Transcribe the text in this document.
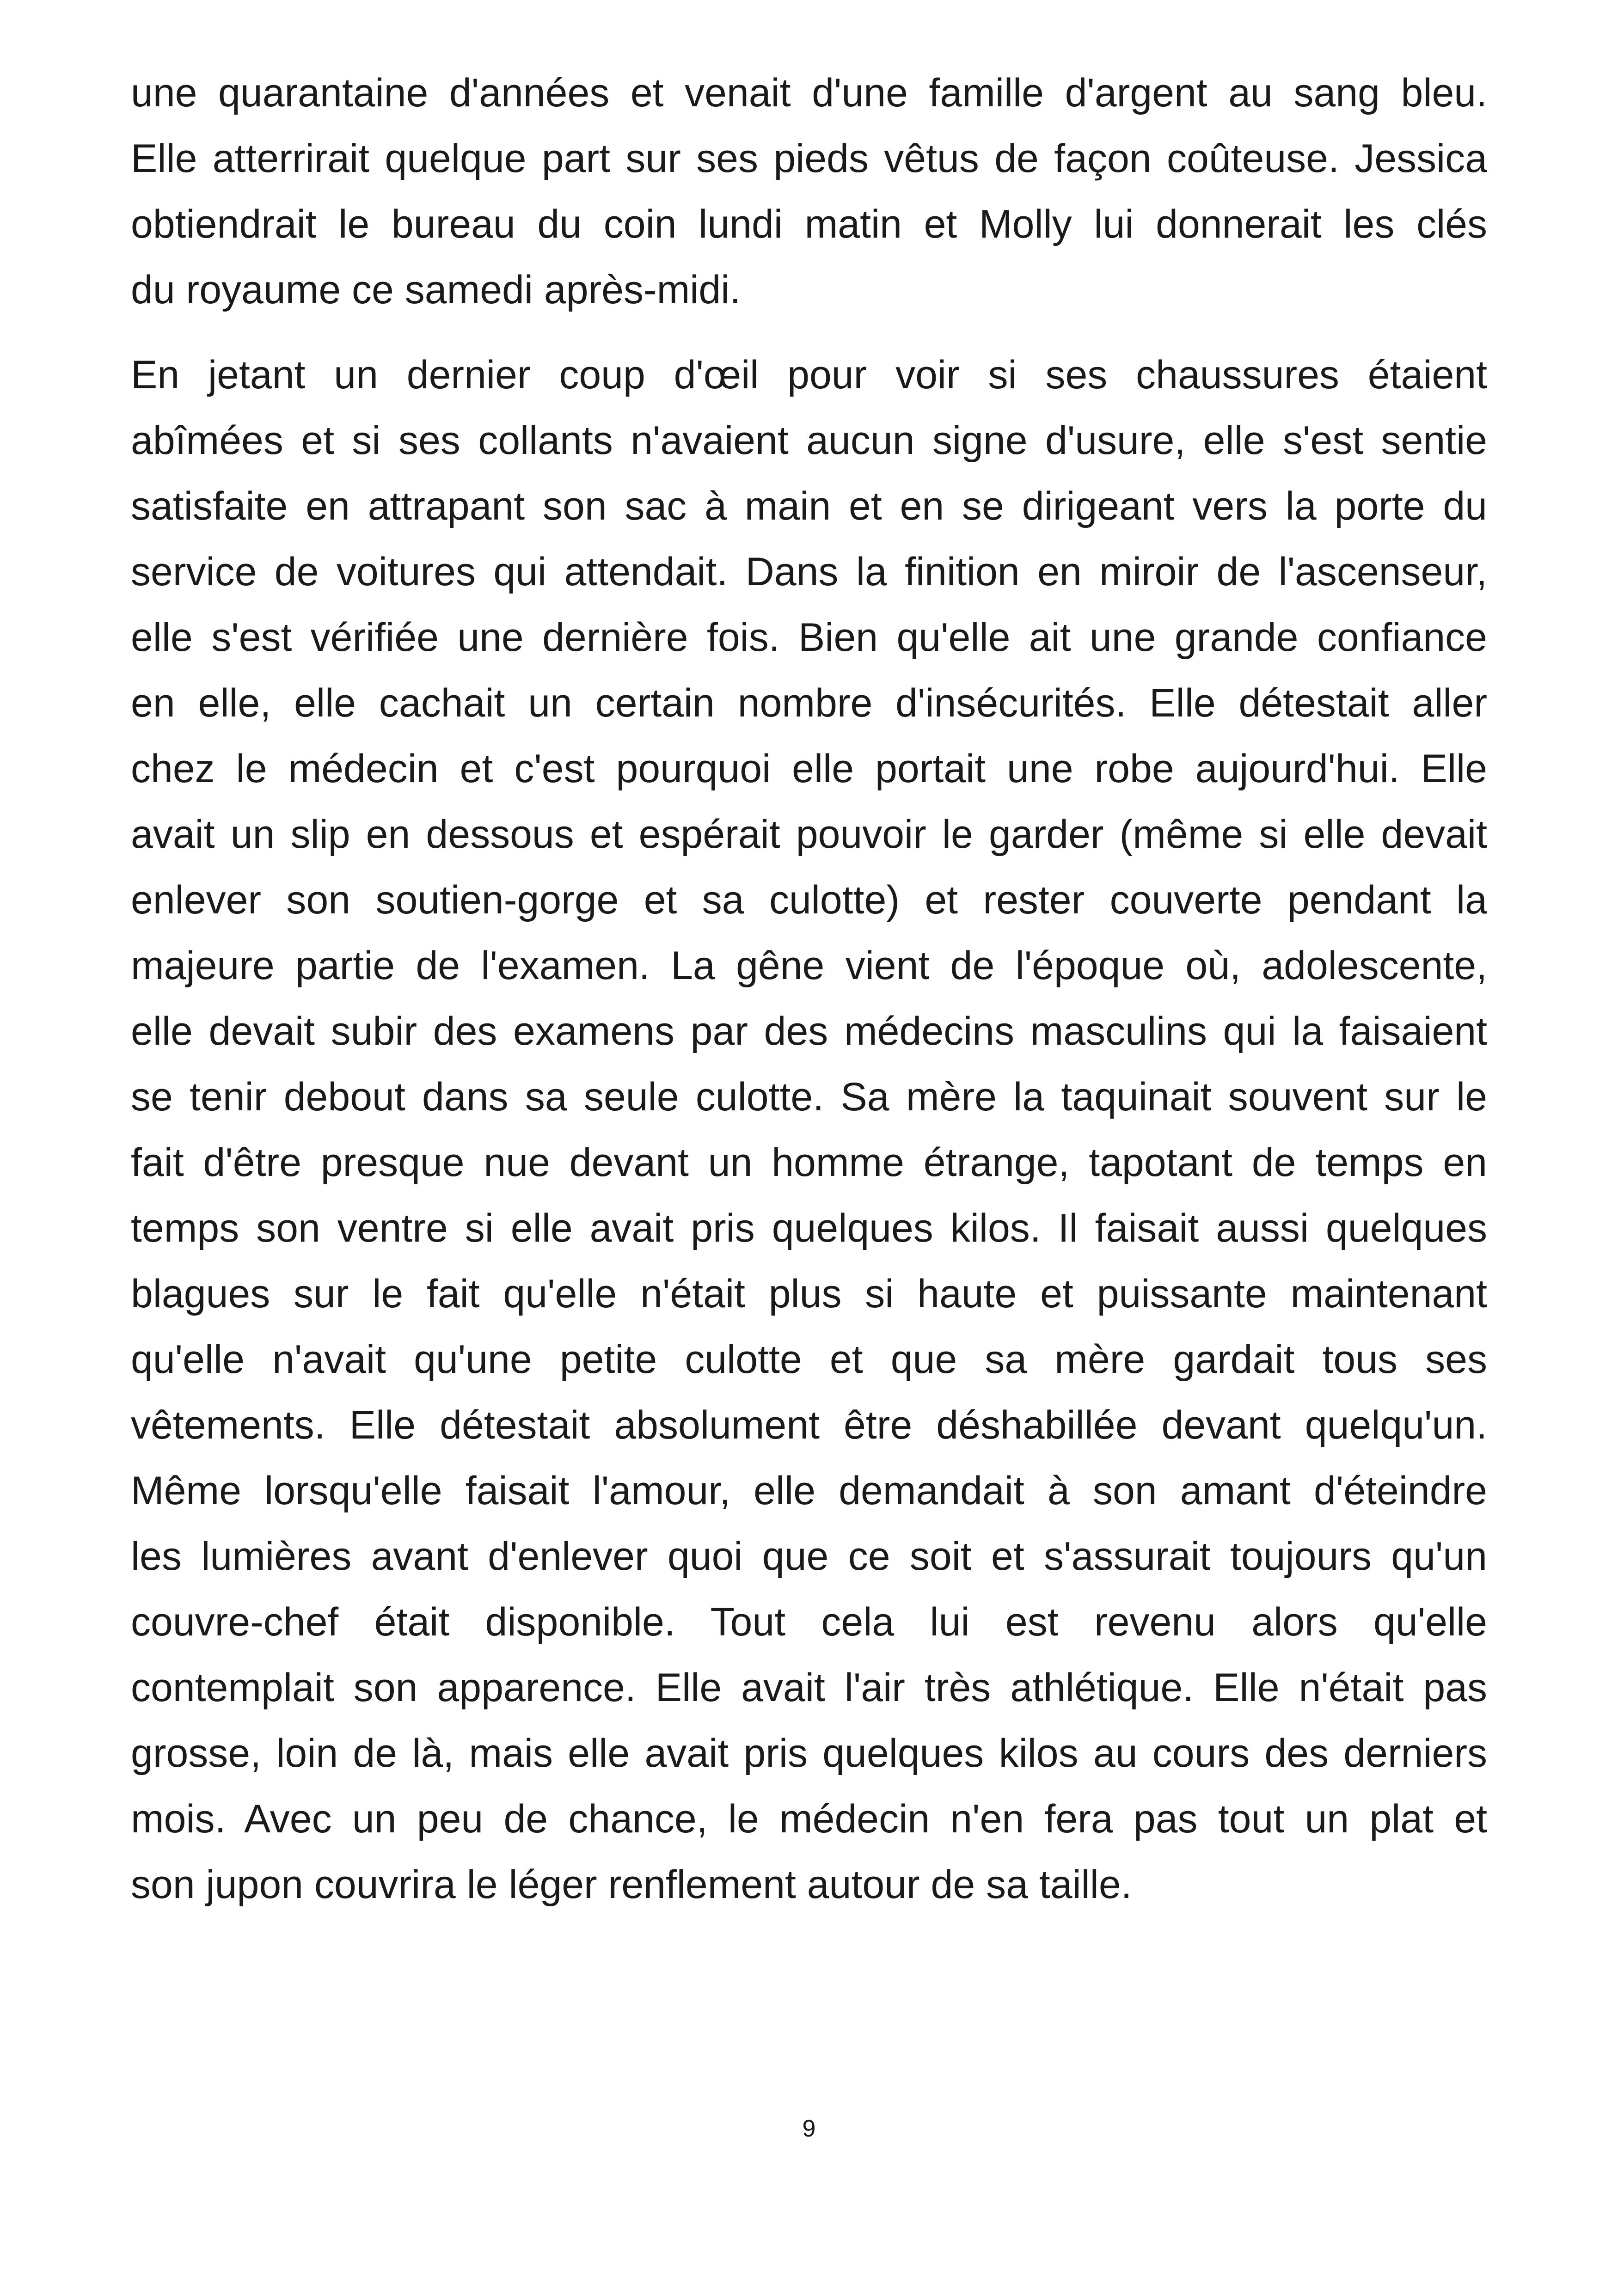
une quarantaine d'années et venait d'une famille d'argent au sang bleu.
Elle atterrirait quelque part sur ses pieds vêtus de façon coûteuse. Jessica
obtiendrait le bureau du coin lundi matin et Molly lui donnerait les clés
du royaume ce samedi après-midi.

En jetant un dernier coup d'œil pour voir si ses chaussures étaient
abîmées et si ses collants n'avaient aucun signe d'usure, elle s'est sentie
satisfaite en attrapant son sac à main et en se dirigeant vers la porte du
service de voitures qui attendait. Dans la finition en miroir de l'ascenseur,
elle s'est vérifiée une dernière fois. Bien qu'elle ait une grande confiance
en elle, elle cachait un certain nombre d'insécurités. Elle détestait aller
chez le médecin et c'est pourquoi elle portait une robe aujourd'hui. Elle
avait un slip en dessous et espérait pouvoir le garder (même si elle devait
enlever son soutien-gorge et sa culotte) et rester couverte pendant la
majeure partie de l'examen. La gêne vient de l'époque où, adolescente,
elle devait subir des examens par des médecins masculins qui la faisaient
se tenir debout dans sa seule culotte. Sa mère la taquinait souvent sur le
fait d'être presque nue devant un homme étrange, tapotant de temps en
temps son ventre si elle avait pris quelques kilos. Il faisait aussi quelques
blagues sur le fait qu'elle n'était plus si haute et puissante maintenant
qu'elle n'avait qu'une petite culotte et que sa mère gardait tous ses
vêtements. Elle détestait absolument être déshabillée devant quelqu'un.
Même lorsqu'elle faisait l'amour, elle demandait à son amant d'éteindre
les lumières avant d'enlever quoi que ce soit et s'assurait toujours qu'un
couvre-chef était disponible. Tout cela lui est revenu alors qu'elle
contemplait son apparence. Elle avait l'air très athlétique. Elle n'était pas
grosse, loin de là, mais elle avait pris quelques kilos au cours des derniers
mois. Avec un peu de chance, le médecin n'en fera pas tout un plat et
son jupon couvrira le léger renflement autour de sa taille.

9
